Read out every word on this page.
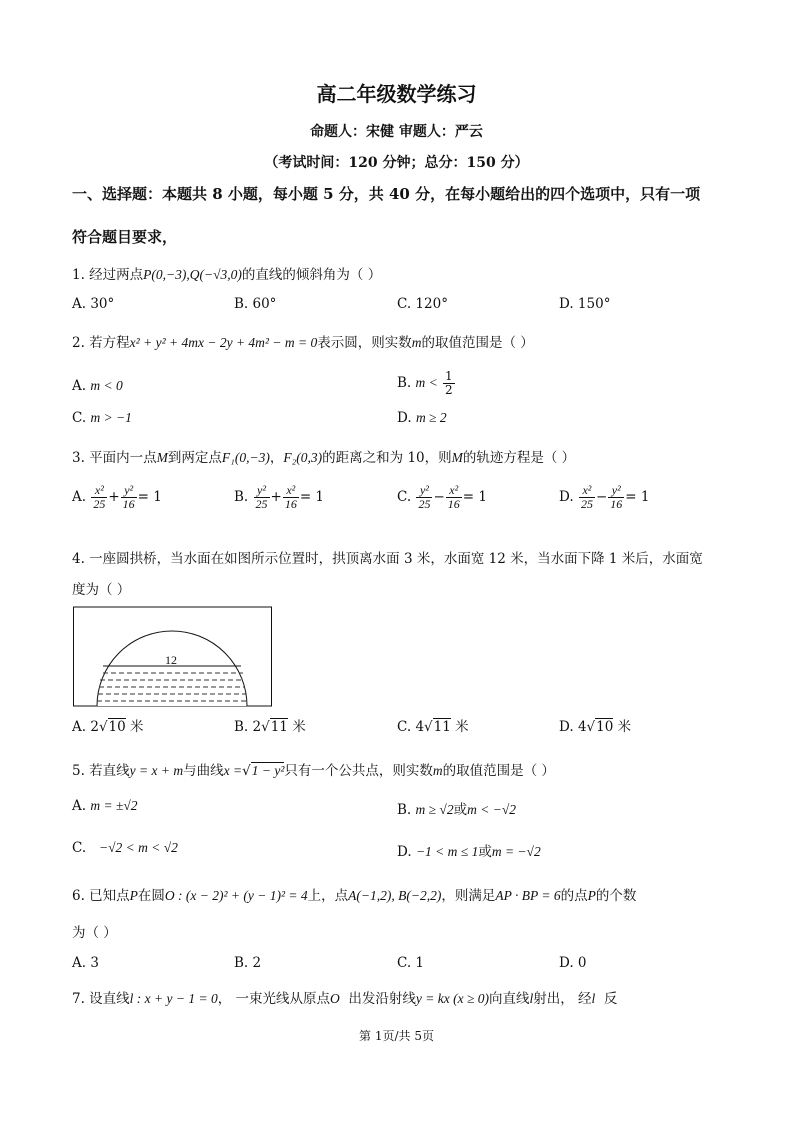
高二年级数学练习
命题人：宋健 审题人：严云
（考试时间：120 分钟；总分：150 分）
一、选择题：本题共 8 小题，每小题 5 分，共 40 分，在每小题给出的四个选项中，只有一项
符合题目要求，
1. 经过两点P(0,−3),Q(−√3,0)的直线的倾斜角为（ ）
A. 30°	B. 60°	C. 120°	D. 150°
2. 若方程x² + y² + 4mx − 2y + 4m² − m = 0表示圆，则实数m的取值范围是（ ）
A. m < 0	B. $m < \frac{1}{2}$
C. m > −1	D. m ≥ 2
3. 平面内一点M到两定点F₁(0,−3)，F₂(0,3)的距离之和为 10，则M的轨迹方程是（ ）
A. $\frac{\text{x²}}{25} + \frac{\text{y²}}{16} = 1$	B. $\frac{\text{y²}}{25} + \frac{\text{x²}}{16} = 1$	C. $\frac{\text{y²}}{25} - \frac{\text{x²}}{16} = 1$	D. $\frac{\text{x²}}{25} - \frac{\text{y²}}{16} = 1$
4. 一座圆拱桥，当水面在如图所示位置时，拱顶离水面 3 米，水面宽 12 米，当水面下降 1 米后，水面宽
度为（ ）
12
A. 2√10 米	B. 2√11 米	C. 4√11 米	D. 4√10 米
5. 若直线y = x + m与曲线x =√1 − y²只有一个公共点，则实数m的取值范围是（ ）
A. m = ±√2	B. m ≥ √2或m < −√2
C. −√2 < m < √2	D. −1 < m ≤ 1或m = −√2
6. 已知点P在圆O : (x − 2)² + (y − 1)² = 4上，点A(−1,2), B(−2,2)，则满足AP · BP = 6的点P的个数
为（ ）
A. 3	B. 2	C. 1	D. 0
7. 设直线l : x + y − 1 = 0， 一束光线从原点O 出发沿射线y = kx (x ≥ 0)向直线l射出， 经l 反
第 1页/共 5页
